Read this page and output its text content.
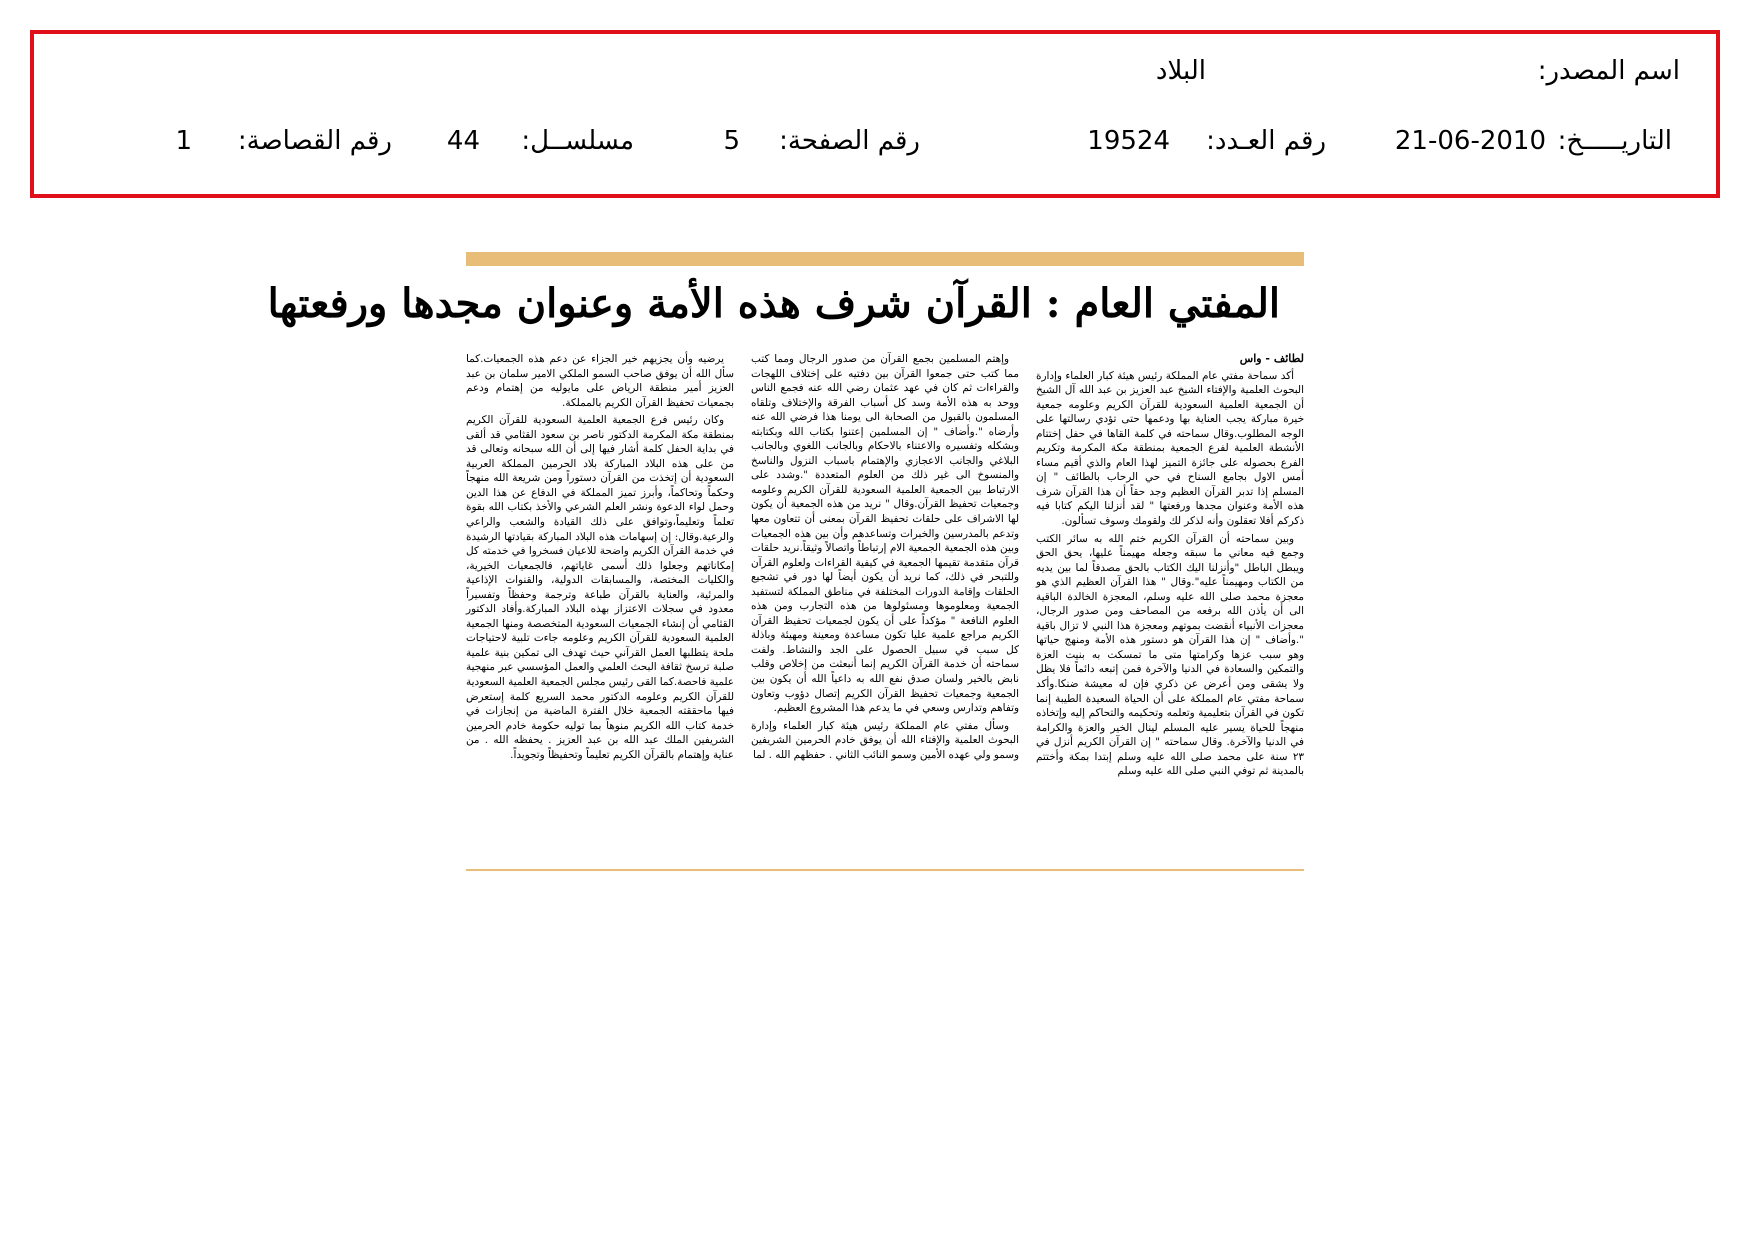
اسم المصدر:
البلاد
التاريـــــخ:
21-06-2010
رقم العـدد:
19524
رقم الصفحة:
5
مسلســل:
44
رقم القصاصة:
1
المفتي العام : القرآن شرف هذه الأمة وعنوان مجدها ورفعتها
لطائف - واس

أكد سماحة مفتي عام المملكة رئيس هيئة كبار العلماء وإدارة البحوث العلمية والإفتاء الشيخ عبد العزيز بن عبد الله آل الشيخ أن الجمعية العلمية السعودية للقرآن الكريم وعلومه جمعية خيرة مباركة يجب العناية بها ودعمها حتى تؤدي رسالتها على الوجه المطلوب.وقال سماحته في كلمة القاها في حفل إختتام الأنشطة العلمية لفرع الجمعية بمنطقة مكة المكرمة وتكريم الفرع بحصوله على جائزة التميز لهذا العام والذي أقيم مساء أمس الاول بجامع السناح في حي الرحاب بالطائف " إن المسلم إذا تدبر القرآن العظيم وجد حقاً أن هذا القرآن شرف هذه الأمة وعنوان مجدها ورفعتها " لقد أنزلنا اليكم كتابا فيه ذكركم أفلا تعقلون وأنه لذكر لك ولقومك وسوف تسألون.

وبين سماحته أن القرآن الكريم ختم الله به سائر الكتب وجمع فيه معاني ما سبقه وجعله مهيمناً عليها، يحق الحق ويبطل الباطل "وأنزلنا اليك الكتاب بالحق مصدقاً لما بين يديه من الكتاب ومهيمناً عليه".وقال " هذا القرآن العظيم الذي هو معجزة محمد صلى الله عليه وسلم، المعجزة الخالدة الباقية الى أن يأذن الله برفعه من المصاحف ومن صدور الرجال، معجزات الأنبياء أنقضت بموتهم ومعجزة هذا النبي لا تزال باقية ".وأضاف " إن هذا القرآن هو دستور هذه الأمة ومنهج حياتها وهو سبب عزها وكرامتها متى ما تمسكت به بنيت العزة والتمكين والسعادة في الدنيا والآخرة فمن إتبعه دائماً فلا يظل ولا يشقى ومن أعرض عن ذكري فإن له معيشة ضنكا.وأكد سماحة مفتي عام المملكة على أن الحياة السعيدة الطيبة إنما تكون في القرآن بتعليمية وتعلمه وتحكيمه والتحاكم إليه وإتخاذه منهجاً للحياة يسير عليه المسلم لينال الخير والعزة والكرامة في الدنيا والآخرة. وقال سماحته " إن القرآن الكريم أنزل في ٢٣ سنة على محمد صلى الله عليه وسلم إبتدا بمكة وأختتم بالمدينة ثم توفي النبي صلى الله عليه وسلم

وإهتم المسلمين بجمع القرآن من صدور الرجال ومما كتب مما كتب حتى جمعوا القرآن بين دفتيه على إختلاف اللهجات والقراءات ثم كان في عهد عثمان رضي الله عنه فجمع الناس ووحد به هذه الأمة وسد كل أسباب الفرقة والإختلاف وتلقاه المسلمون بالقبول من الصحابة الى يومنا هذا فرضي الله عنه وأرضاه ".وأضاف " إن المسلمين إعتنوا بكتاب الله وبكتابته وبشكله وتفسيره والاعتناء بالاحكام وبالجانب اللغوي وبالجانب البلاغي والجانب الاعجازي والإهتمام باسباب النزول والناسخ والمنسوخ الى غير ذلك من العلوم المتعددة ".وشدد على الارتباط بين الجمعية العلمية السعودية للقرآن الكريم وعلومه وجمعيات تحفيظ القرآن.وقال " نريد من هذه الجمعية أن يكون لها الاشراف على حلقات تحفيظ القرآن بمعنى أن تتعاون معها وتدعم بالمدرسين والخبرات وتساعدهم وأن بين هذه الجمعيات وبين هذه الجمعية الجمعية الام إرتباطاً واتصالاً وثيقاً.نريد حلقات قرآن متقدمة تقيمها الجمعية في كيفية القراءات ولعلوم القرآن وللتبحر في ذلك، كما نريد أن يكون أيضاً لها دور في تشجيع الحلقات وإقامة الدورات المختلفة في مناطق المملكة لتستفيد الجمعية ومعلوموها ومسئولوها من هذه التجارب ومن هذه العلوم النافعة " مؤكداً على أن يكون لجمعيات تحفيظ القرآن الكريم مراجع علمية عليا تكون مساعدة ومعينة ومهيئة وباذلة كل سبب في سبيل الحصول على الجد والنشاط. ولفت سماحته أن خدمة القرآن الكريم إنما أنبعثت من إخلاص وقلب نابض بالخير ولسان صدق نفع الله به داعياً الله أن يكون بين الجمعية وجمعيات تحفيظ القرآن الكريم إتصال دؤوب وتعاون وتفاهم وتدارس وسعي في ما يدعم هذا المشروع العظيم.

وسأل مفتي عام المملكة رئيس هيئة كبار العلماء وإدارة البحوث العلمية والإفتاء الله أن يوفق خادم الحرمين الشريفين وسمو ولي عهده الأمين وسمو النائب الثاني . حفظهم الله . لما

يرضيه وأن يجزيهم خير الجزاء عن دعم هذه الجمعيات.كما سأل الله أن يوفق صاحب السمو الملكي الامير سلمان بن عبد العزيز أمير منطقة الرياض على مايوليه من إهتمام ودعم بجمعيات تحفيظ القرآن الكريم بالمملكة.

وكان رئيس فرع الجمعية العلمية السعودية للقرآن الكريم بمنطقة مكة المكرمة الدكتور ناصر بن سعود القثامي قد ألقى في بداية الحفل كلمة أشار فيها إلى أن الله سبحانه وتعالى قد من على هذه البلاد المباركة بلاد الحرمين المملكة العربية السعودية أن إتخذت من القرآن دستوراً ومن شريعة الله منهجاً وحكماً وتحاكماً، وأبرز تميز المملكة في الدفاع عن هذا الدين وحمل لواء الدعوة ونشر العلم الشرعي والأخذ بكتاب الله بقوة تعلماً وتعليماً،وتوافق على ذلك القيادة والشعب والراعي والرعية.وقال: إن إسهامات هذه البلاد المباركة بقيادتها الرشيدة في خدمة القرآن الكريم واضحة للاعيان فسخروا في خدمته كل إمكاناتهم وجعلوا ذلك أسمى غاياتهم، فالجمعيات الخيرية، والكليات المختصة، والمسابقات الدولية، والقنوات الإذاعية والمرئية، والعناية بالقرآن طباعة وترجمة وحفظاً وتفسيراً معدود في سجلات الاعتزاز بهذه البلاد المباركة.وأفاد الدكتور القثامي أن إنشاء الجمعيات السعودية المتخصصة ومنها الجمعية العلمية السعودية للقرآن الكريم وعلومه جاءت تلبية لاحتياجات ملحة يتطلبها العمل القرآني حيث تهدف الى تمكين بنية علمية صلبة ترسخ ثقافة البحث العلمي والعمل المؤسسي عبر منهجية علمية فاحصة.كما القى رئيس مجلس الجمعية العلمية السعودية للقرآن الكريم وعلومه الدكتور محمد السريع كلمة إستعرض فيها ماحققته الجمعية خلال الفترة الماضية من إنجازات في خدمة كتاب الله الكريم منوهاً بما توليه حكومة خادم الحرمين الشريفين الملك عبد الله بن عبد العزيز . يحفظه الله . من عناية وإهتمام بالقرآن الكريم تعليماً وتحفيظاً وتجويداً.
